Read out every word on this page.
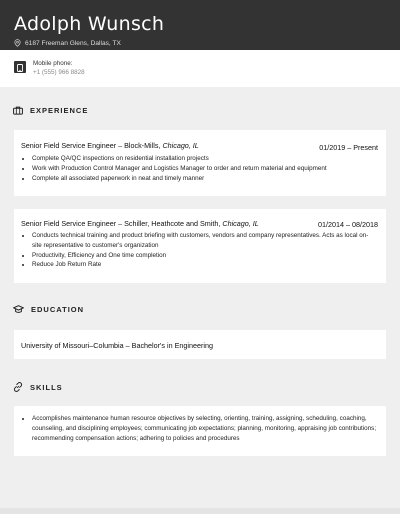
Adolph Wunsch
6187 Freeman Glens, Dallas, TX
Mobile phone:
+1 (555) 966 8828
EXPERIENCE
Senior Field Service Engineer – Block-Mills, Chicago, IL	01/2019 – Present
• Complete QA/QC inspections on residential installation projects
• Work with Production Control Manager and Logistics Manager to order and return material and equipment
• Complete all associated paperwork in neat and timely manner
Senior Field Service Engineer – Schiller, Heathcote and Smith, Chicago, IL	01/2014 – 08/2018
• Conducts technical training and product briefing with customers, vendors and company representatives. Acts as local on-site representative to customer's organization
• Productivity, Efficiency and One time completion
• Reduce Job Return Rate
EDUCATION
University of Missouri–Columbia – Bachelor's in Engineering
SKILLS
• Accomplishes maintenance human resource objectives by selecting, orienting, training, assigning, scheduling, coaching, counseling, and disciplining employees; communicating job expectations; planning, monitoring, appraising job contributions; recommending compensation actions; adhering to policies and procedures
